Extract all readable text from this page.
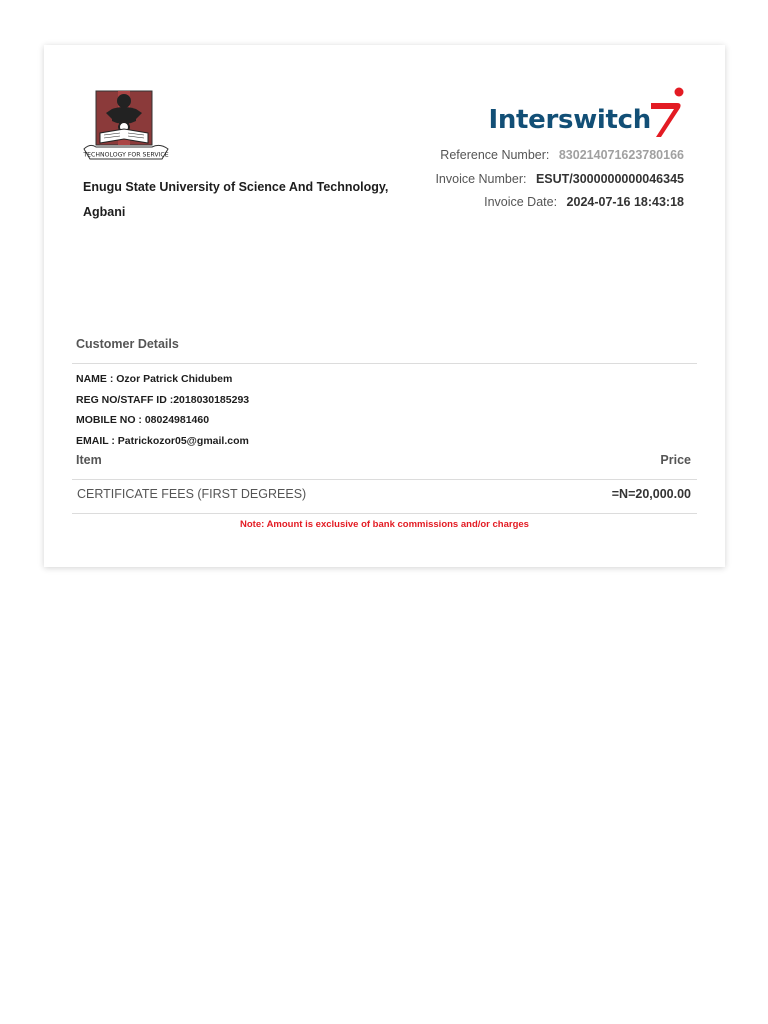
TECHNOLOGY FOR SERVICE
Enugu State University of Science And Technology, Agbani
Interswitch
Reference Number: 830214071623780166
Invoice Number: ESUT/3000000000046345
Invoice Date: 2024-07-16 18:43:18
Customer Details
NAME : Ozor Patrick Chidubem
REG NO/STAFF ID :2018030185293
MOBILE NO : 08024981460
EMAIL : Patrickozor05@gmail.com
Item	Price
CERTIFICATE FEES (FIRST DEGREES)	=N=20,000.00
Note: Amount is exclusive of bank commissions and/or charges
